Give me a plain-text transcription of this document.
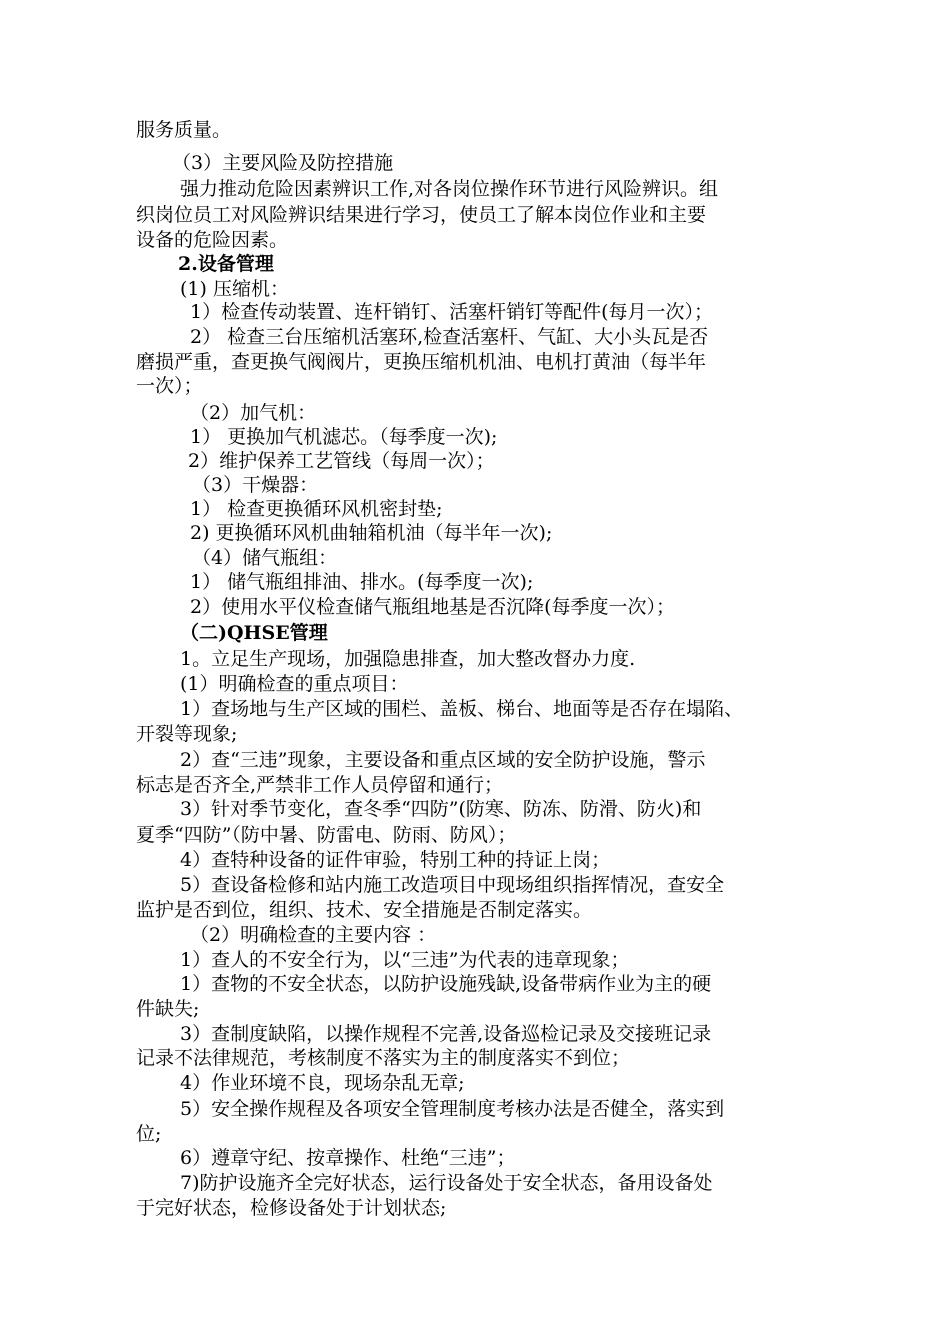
服务质量。
（3）主要风险及防控措施
强力推动危险因素辨识工作,对各岗位操作环节进行风险辨识。组
织岗位员工对风险辨识结果进行学习，使员工了解本岗位作业和主要
设备的危险因素。
2.设备管理
(1) 压缩机：
1）检查传动装置、连杆销钉、活塞杆销钉等配件(每月一次）；
2） 检查三台压缩机活塞环,检查活塞杆、气缸、大小头瓦是否
磨损严重，查更换气阀阀片，更换压缩机机油、电机打黄油（每半年
一次）；
（2）加气机：
1） 更换加气机滤芯。（每季度一次);
2）维护保养工艺管线（每周一次）；
（3）干燥器：
1） 检查更换循环风机密封垫;
2) 更换循环风机曲轴箱机油（每半年一次);
（4）储气瓶组：
1） 储气瓶组排油、排水。(每季度一次);
2）使用水平仪检查储气瓶组地基是否沉降(每季度一次）；
（二)QHSE管理
1。立足生产现场，加强隐患排查，加大整改督办力度.
(1）明确检查的重点项目：
1）查场地与生产区域的围栏、盖板、梯台、地面等是否存在塌陷、
开裂等现象;
2）查“三违”现象，主要设备和重点区域的安全防护设施，警示
标志是否齐全,严禁非工作人员停留和通行；
3）针对季节变化，查冬季“四防”(防寒、防冻、防滑、防火)和
夏季“四防”（防中暑、防雷电、防雨、防风）；
4）查特种设备的证件审验，特别工种的持证上岗；
5）查设备检修和站内施工改造项目中现场组织指挥情况，查安全
监护是否到位，组织、技术、安全措施是否制定落实。
（2）明确检查的主要内容 ：
1）查人的不安全行为，以“三违”为代表的违章现象；
1）查物的不安全状态，以防护设施残缺,设备带病作业为主的硬
件缺失;
3）查制度缺陷，以操作规程不完善,设备巡检记录及交接班记录
记录不法律规范，考核制度不落实为主的制度落实不到位；
4）作业环境不良，现场杂乱无章;
5）安全操作规程及各项安全管理制度考核办法是否健全，落实到
位;
6）遵章守纪、按章操作、杜绝“三违”；
7)防护设施齐全完好状态，运行设备处于安全状态，备用设备处
于完好状态，检修设备处于计划状态;
